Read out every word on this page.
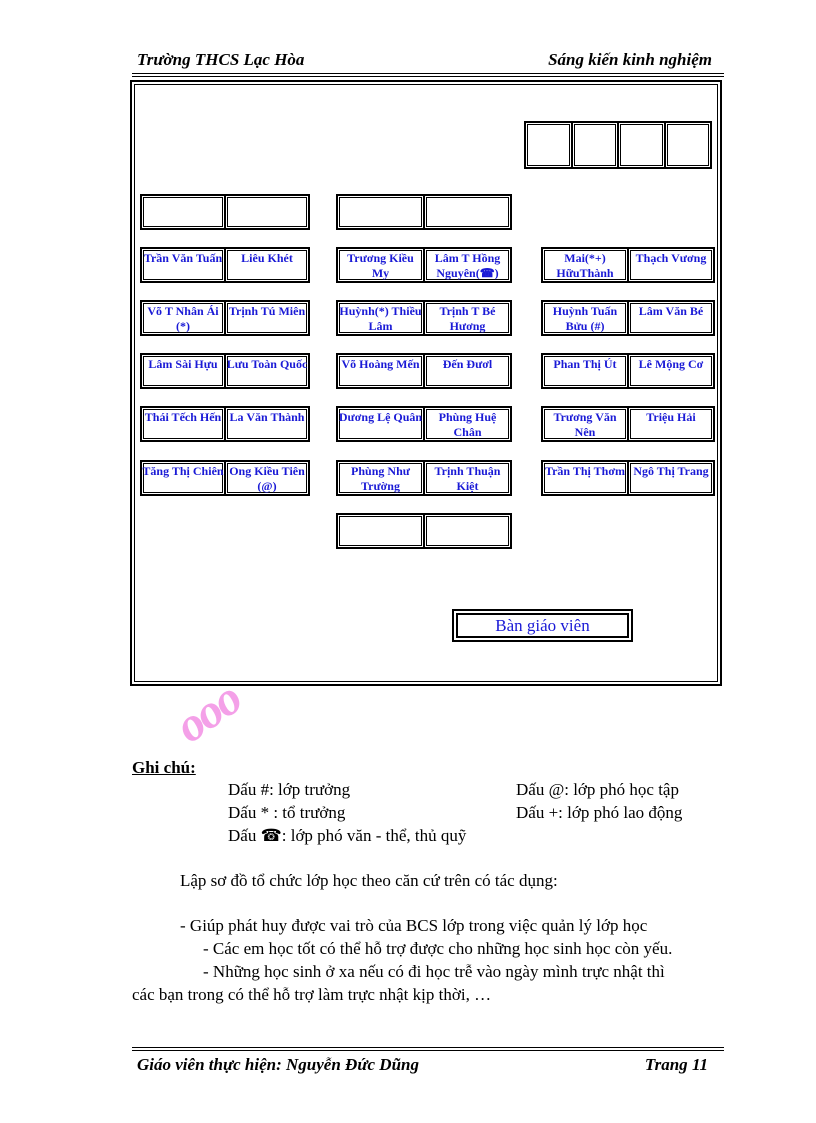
Trường THCS Lạc Hòa	Sáng kiến kinh nghiệm
Trần Văn Tuấn	Liêu Khét
Võ T Nhân Ái (*)
Trịnh Tú Miên
Lâm Sài Hựu Lưu Toàn Quốc
Thái Tếch Hến La Văn Thành
Tăng Thị Chiên Ong Kiều Tiên (@)
Trương Kiều My
Lâm T Hồng Nguyên(☎)
Huỳnh(*) Thiều Lâm
Trịnh T Bé Hương
Võ Hoàng Mến	Đến Đươl
Dương Lệ Quân	Phùng Huệ Chân
Phùng Như Trường
Trịnh Thuận Kiệt
Mai(*+) HữuThành
Thạch Vương
Huỳnh Tuấn Bửu (#)
Lâm Văn Bé
Phan Thị Út	Lê Mộng Cơ
Trương Văn Nên
Triệu Hải
Trần Thị Thơm Ngô Thị Trang
Bàn giáo viên
ooo
Ghi chú:
Dấu #: lớp trưởng	Dấu @: lớp phó học tập
Dấu * : tổ trưởng	Dấu +: lớp phó lao động
Dấu ☎: lớp phó văn - thể, thủ quỹ
Lập sơ đồ tổ chức lớp học theo căn cứ trên có tác dụng:
- Giúp phát huy được vai trò của BCS lớp trong việc quản lý lớp học
- Các em học tốt có thể hỗ trợ được cho những học sinh học còn yếu.
- Những học sinh ở xa nếu có đi học trễ vào ngày mình trực nhật thì
các bạn trong có thể hỗ trợ làm trực nhật kịp thời, …
Giáo viên thực hiện: Nguyễn Đức Dũng	Trang 11
